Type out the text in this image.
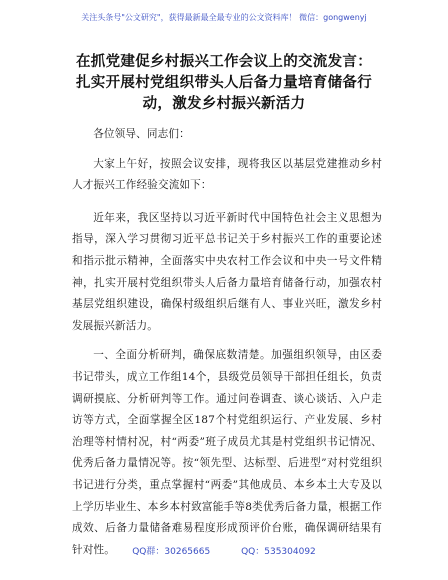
关注头条号"公文研究"，获得最新最全最专业的公文资料库！ 微信：gongwenyj
在抓党建促乡村振兴工作会议上的交流发言：
扎实开展村党组织带头人后备力量培育储备行
动，激发乡村振兴新活力

各位领导、同志们：

大家上午好，按照会议安排，现将我区以基层党建推动乡村人才振兴工作经验交流如下：

近年来，我区坚持以习近平新时代中国特色社会主义思想为指导，深入学习贯彻习近平总书记关于乡村振兴工作的重要论述和指示批示精神，全面落实中央农村工作会议和中央一号文件精神，扎实开展村党组织带头人后备力量培育储备行动，加强农村基层党组织建设，确保村级组织后继有人、事业兴旺，激发乡村发展振兴新活力。

一、全面分析研判，确保底数清楚。加强组织领导，由区委书记带头，成立工作组14个，县级党员领导干部担任组长，负责调研摸底、分析研判等工作。通过问卷调查、谈心谈话、入户走访等方式，全面掌握全区187个村党组织运行、产业发展、乡村治理等村情村况，村“两委”班子成员尤其是村党组织书记情况、优秀后备力量情况等。按“领先型、达标型、后进型”对村党组织书记进行分类，重点掌握村“两委”其他成员、本乡本土大专及以上学历毕业生、本乡本村致富能手等8类优秀后备力量，根据工作成效、后备力量储备难易程度形成预评价台账，确保调研结果有针对性。	QQ群：30265665	QQ：535304092
